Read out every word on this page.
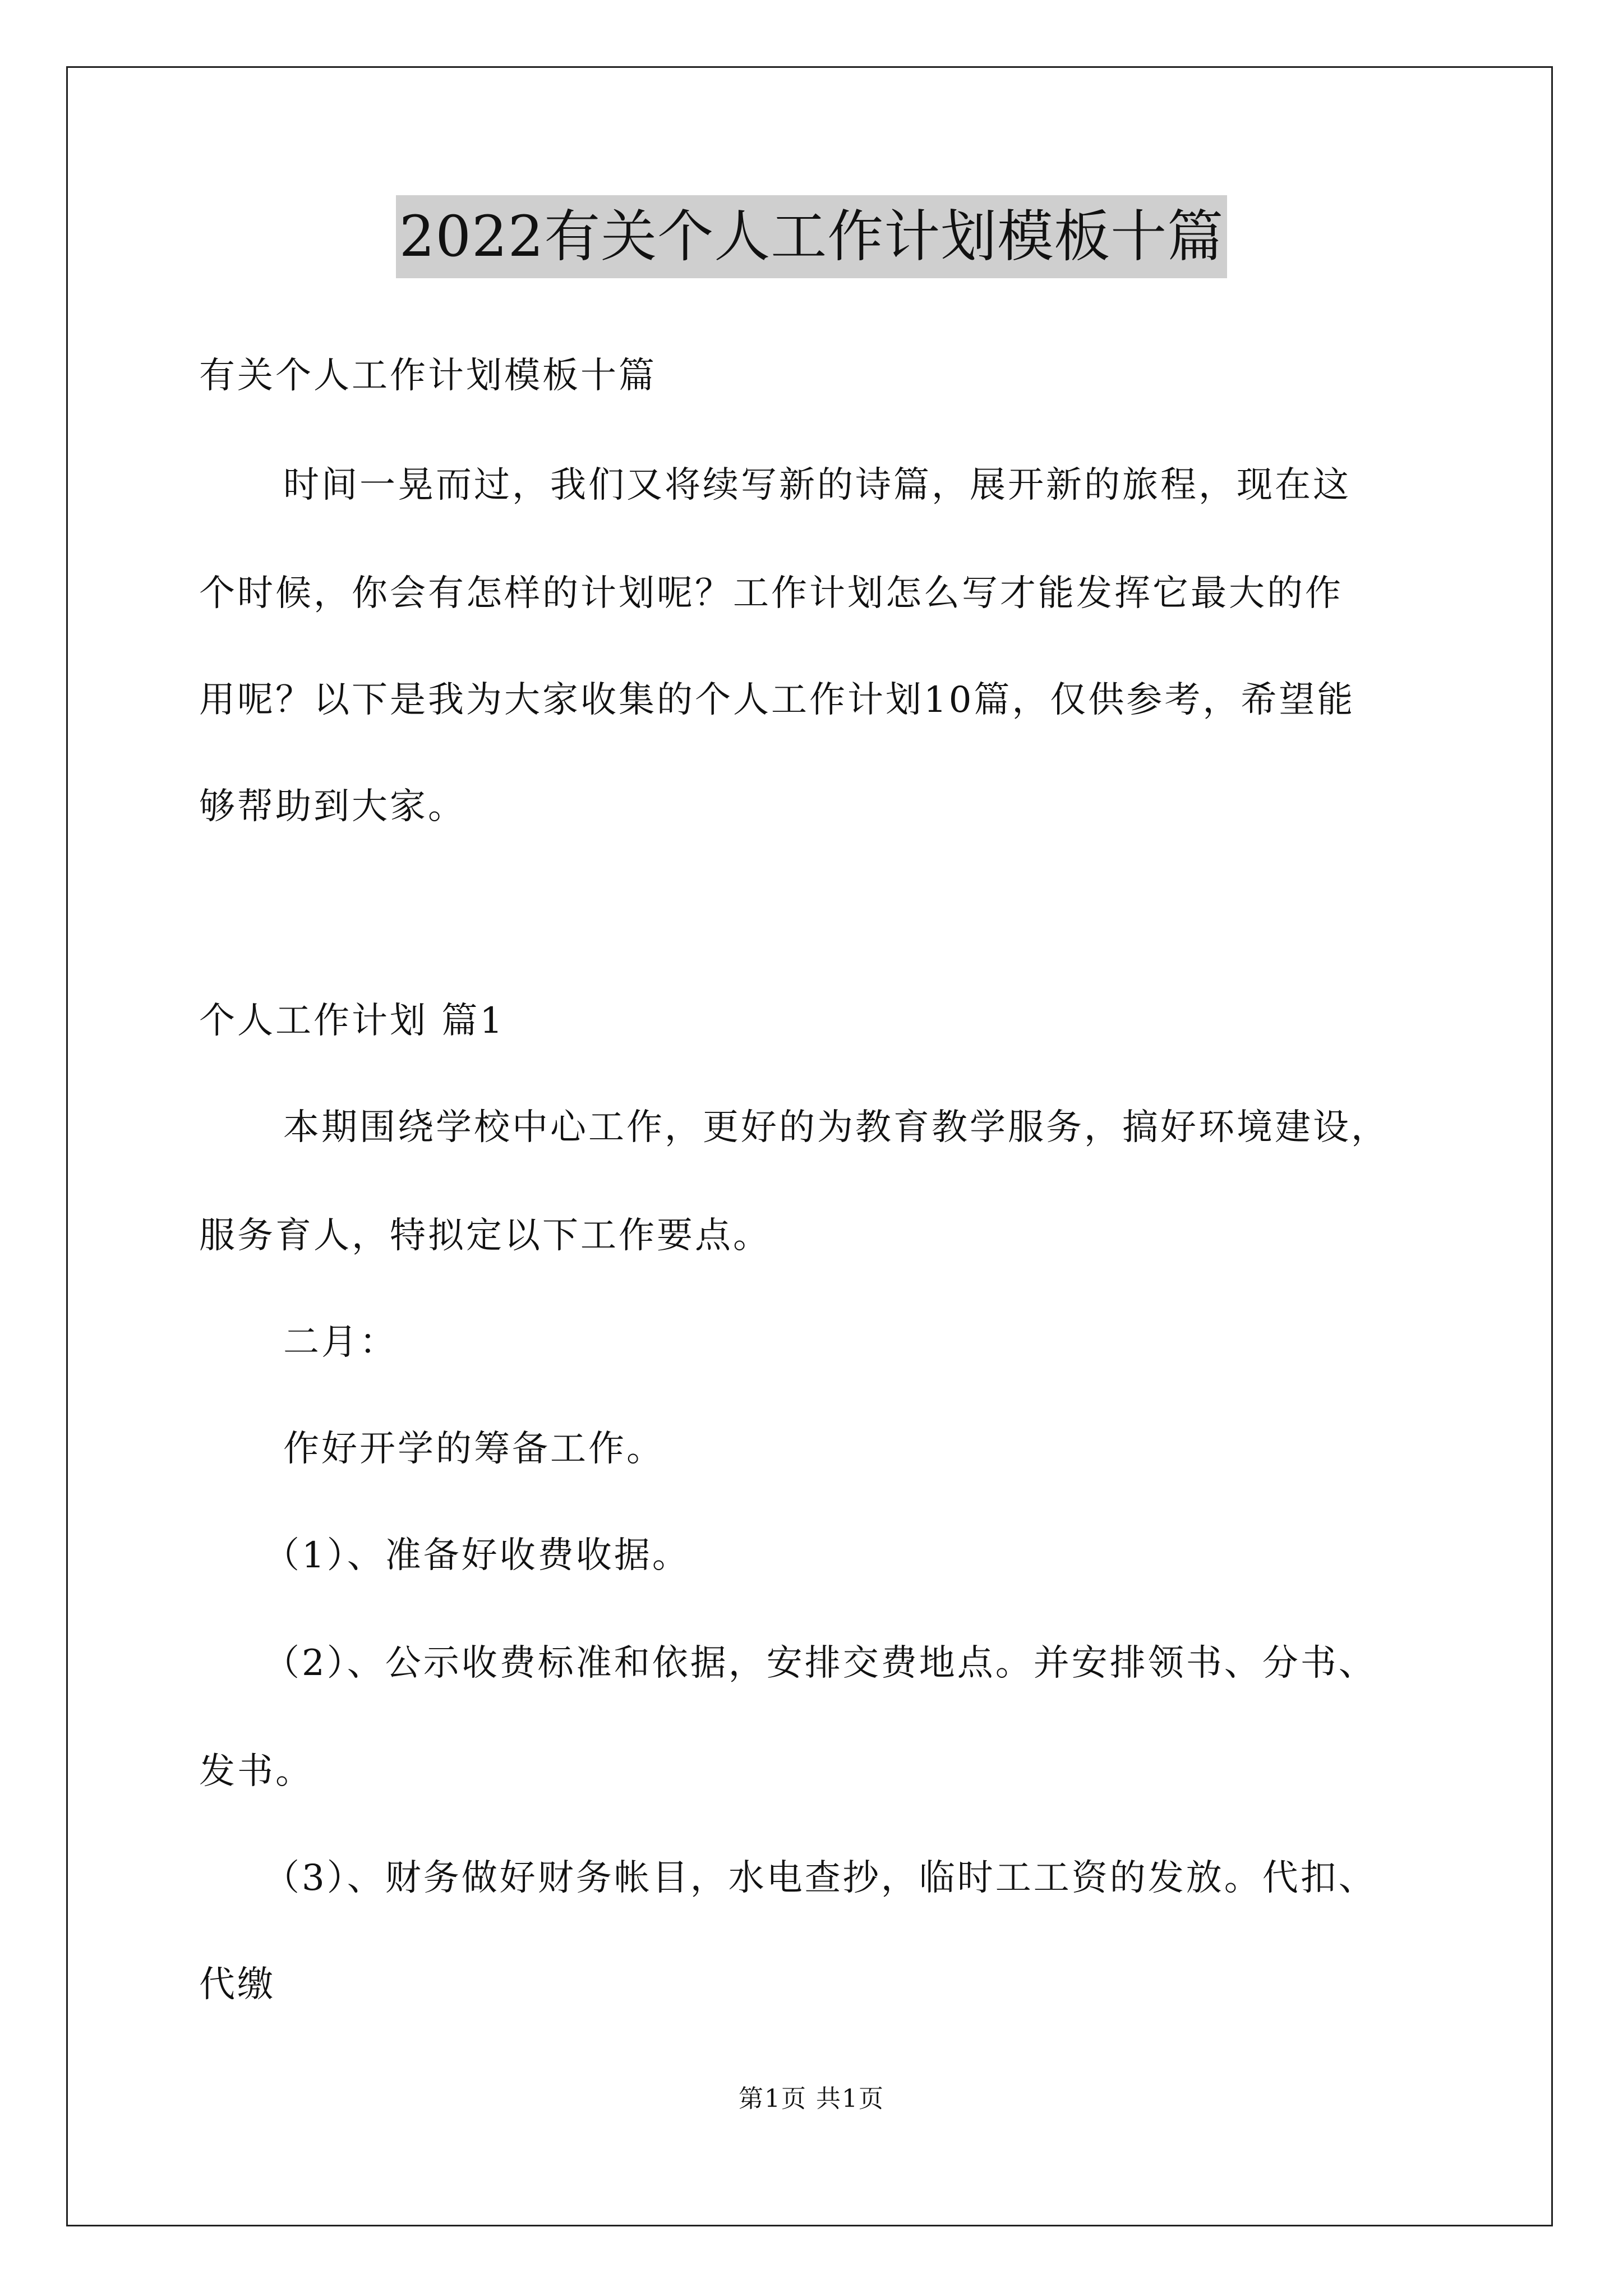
2022有关个人工作计划模板十篇
有关个人工作计划模板十篇
时间一晃而过，我们又将续写新的诗篇，展开新的旅程，现在这
个时候，你会有怎样的计划呢？工作计划怎么写才能发挥它最大的作
用呢？以下是我为大家收集的个人工作计划10篇，仅供参考，希望能
够帮助到大家。
个人工作计划 篇1
本期围绕学校中心工作，更好的为教育教学服务，搞好环境建设，
服务育人，特拟定以下工作要点。
二月：
作好开学的筹备工作。
（1）、准备好收费收据。
（2）、公示收费标准和依据，安排交费地点。并安排领书、分书、
发书。
（3）、财务做好财务帐目，水电查抄，临时工工资的发放。代扣、
代缴
第1页 共1页
